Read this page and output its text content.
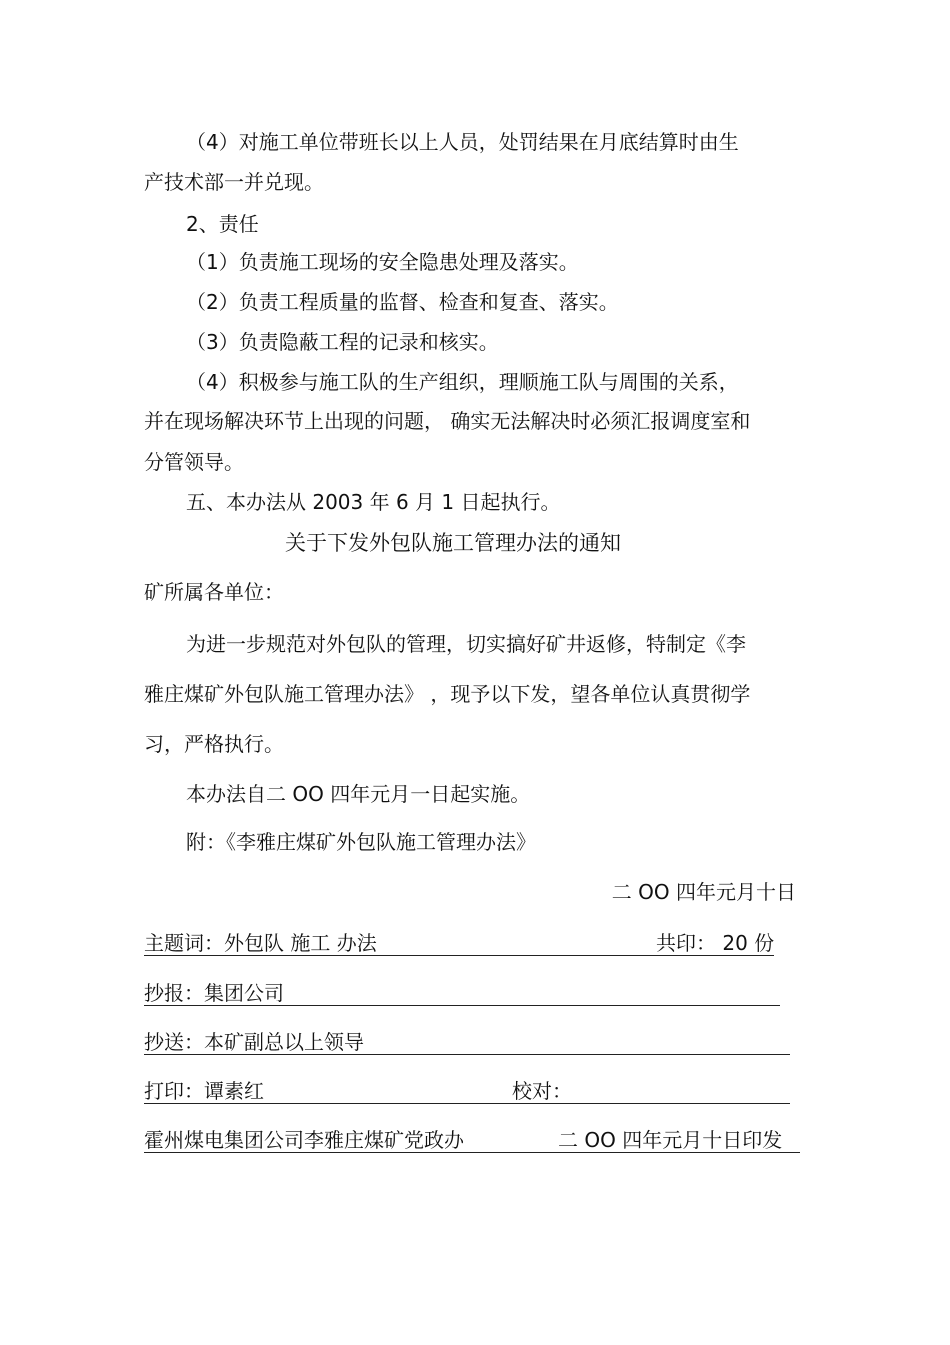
（4）对施工单位带班长以上人员，处罚结果在月底结算时由生
产技术部一并兑现。
2、责任
（1）负责施工现场的安全隐患处理及落实。
（2）负责工程质量的监督、检查和复查、落实。
（3）负责隐蔽工程的记录和核实。
（4）积极参与施工队的生产组织，理顺施工队与周围的关系，
并在现场解决环节上出现的问题， 确实无法解决时必须汇报调度室和
分管领导。
五、本办法从 2003 年 6 月 1 日起执行。
关于下发外包队施工管理办法的通知
矿所属各单位：
为进一步规范对外包队的管理，切实搞好矿井返修，特制定《李
雅庄煤矿外包队施工管理办法》 ，现予以下发，望各单位认真贯彻学
习，严格执行。
本办法自二 OO 四年元月一日起实施。
附：《李雅庄煤矿外包队施工管理办法》
二 OO 四年元月十日
主题词：外包队 施工 办法	共印： 20 份
抄报：集团公司
抄送：本矿副总以上领导
打印：谭素红	校对：
霍州煤电集团公司李雅庄煤矿党政办	二 OO 四年元月十日印发
